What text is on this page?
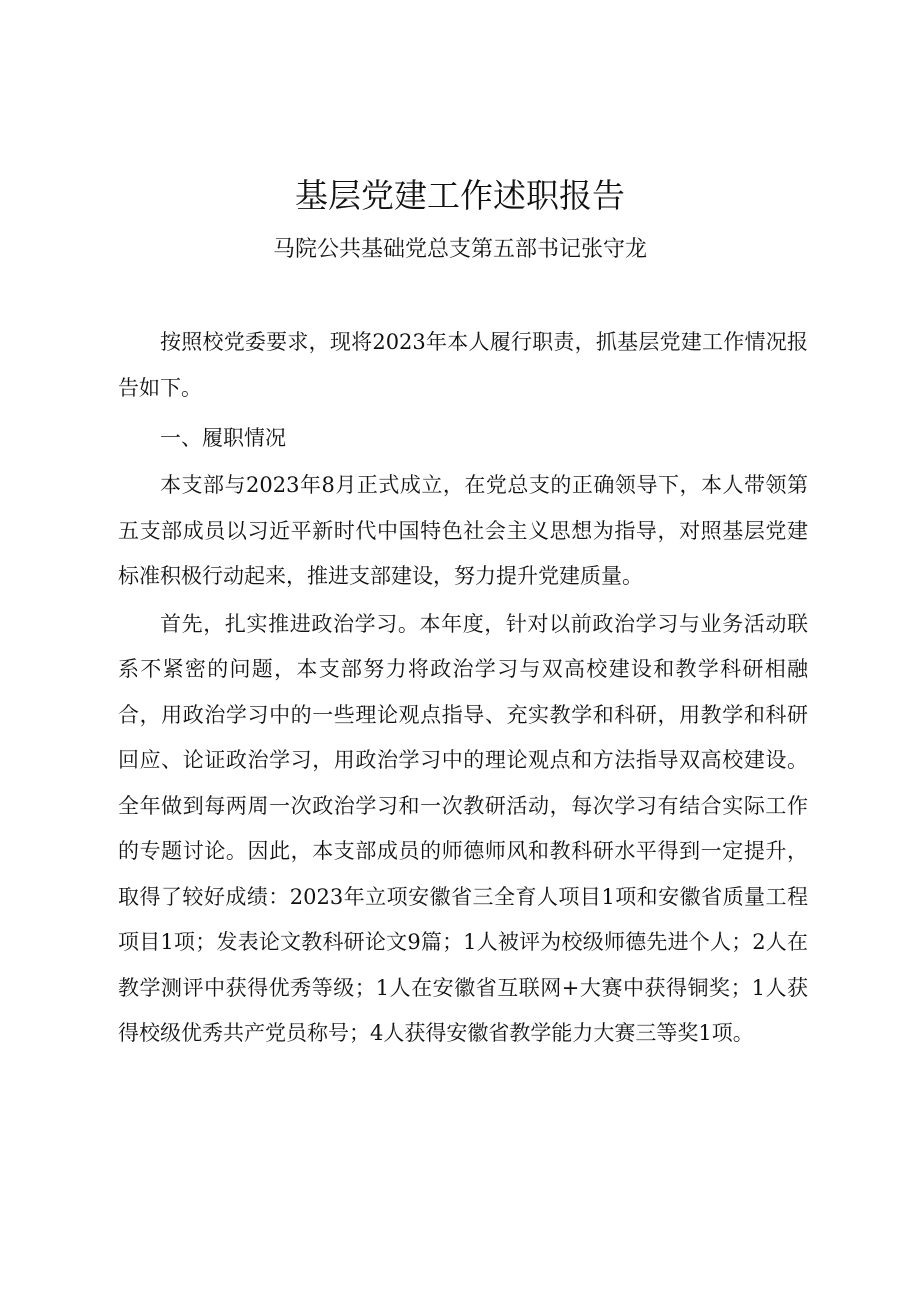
基层党建工作述职报告
马院公共基础党总支第五部书记张守龙

按照校党委要求，现将2023年本人履行职责，抓基层党建工作情况报告如下。

一、履职情况

本支部与2023年8月正式成立，在党总支的正确领导下，本人带领第五支部成员以习近平新时代中国特色社会主义思想为指导，对照基层党建标准积极行动起来，推进支部建设，努力提升党建质量。

首先，扎实推进政治学习。本年度，针对以前政治学习与业务活动联系不紧密的问题，本支部努力将政治学习与双高校建设和教学科研相融合，用政治学习中的一些理论观点指导、充实教学和科研，用教学和科研回应、论证政治学习，用政治学习中的理论观点和方法指导双高校建设。全年做到每两周一次政治学习和一次教研活动，每次学习有结合实际工作的专题讨论。因此，本支部成员的师德师风和教科研水平得到一定提升，取得了较好成绩：2023年立项安徽省三全育人项目1项和安徽省质量工程项目1项；发表论文教科研论文9篇；1人被评为校级师德先进个人；2人在教学测评中获得优秀等级；1人在安徽省互联网+大赛中获得铜奖；1人获得校级优秀共产党员称号；4人获得安徽省教学能力大赛三等奖1项。
